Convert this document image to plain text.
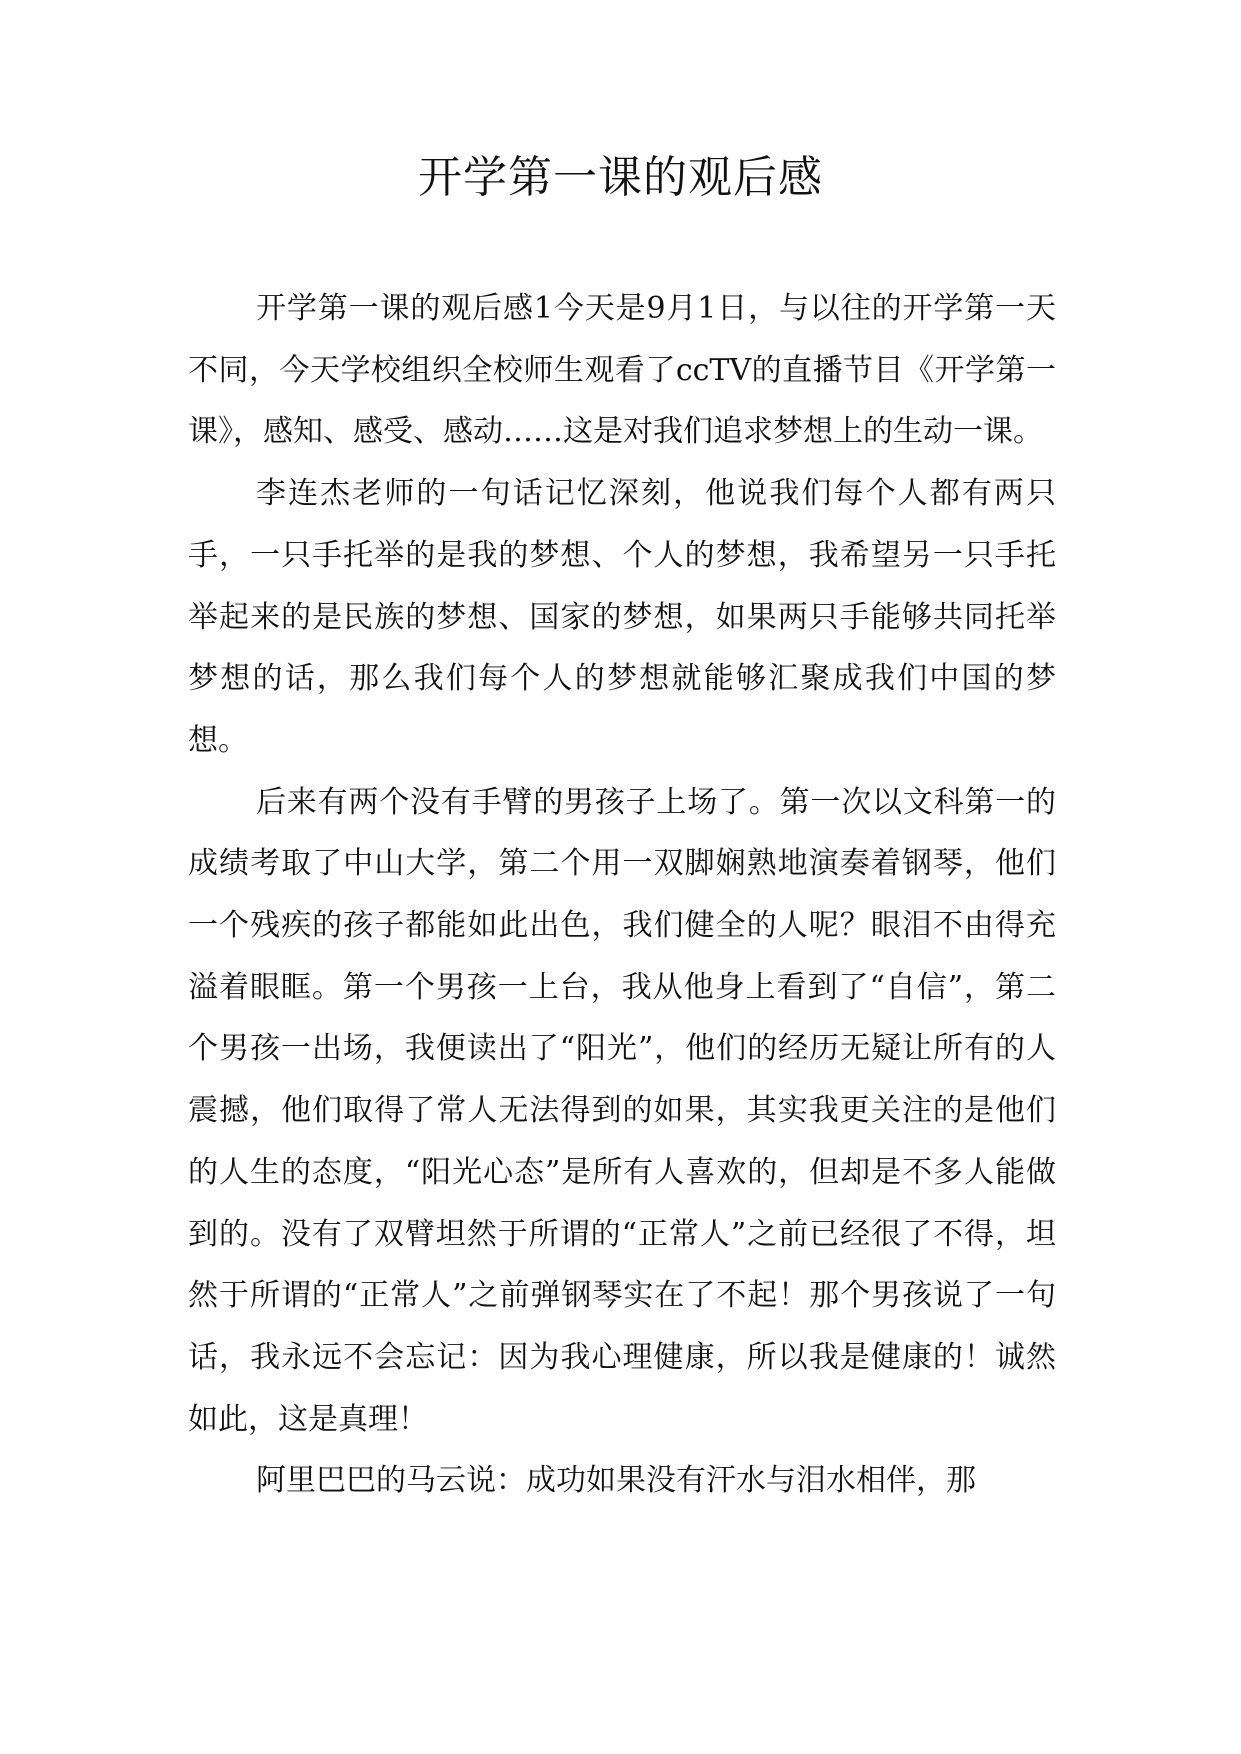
开学第一课的观后感

开学第一课的观后感1今天是9月1日，与以往的开学第一天不同，今天学校组织全校师生观看了ccTV的直播节目《开学第一课》，感知、感受、感动……这是对我们追求梦想上的生动一课。

李连杰老师的一句话记忆深刻，他说我们每个人都有两只手，一只手托举的是我的梦想、个人的梦想，我希望另一只手托举起来的是民族的梦想、国家的梦想，如果两只手能够共同托举梦想的话，那么我们每个人的梦想就能够汇聚成我们中国的梦想。

后来有两个没有手臂的男孩子上场了。第一次以文科第一的成绩考取了中山大学，第二个用一双脚娴熟地演奏着钢琴，他们一个残疾的孩子都能如此出色，我们健全的人呢？眼泪不由得充溢着眼眶。第一个男孩一上台，我从他身上看到了“自信”，第二个男孩一出场，我便读出了“阳光”，他们的经历无疑让所有的人震撼，他们取得了常人无法得到的如果，其实我更关注的是他们的人生的态度，“阳光心态”是所有人喜欢的，但却是不多人能做到的。没有了双臂坦然于所谓的“正常人”之前已经很了不得，坦然于所谓的“正常人”之前弹钢琴实在了不起！那个男孩说了一句话，我永远不会忘记：因为我心理健康，所以我是健康的！诚然如此，这是真理！

阿里巴巴的马云说：成功如果没有汗水与泪水相伴，那
